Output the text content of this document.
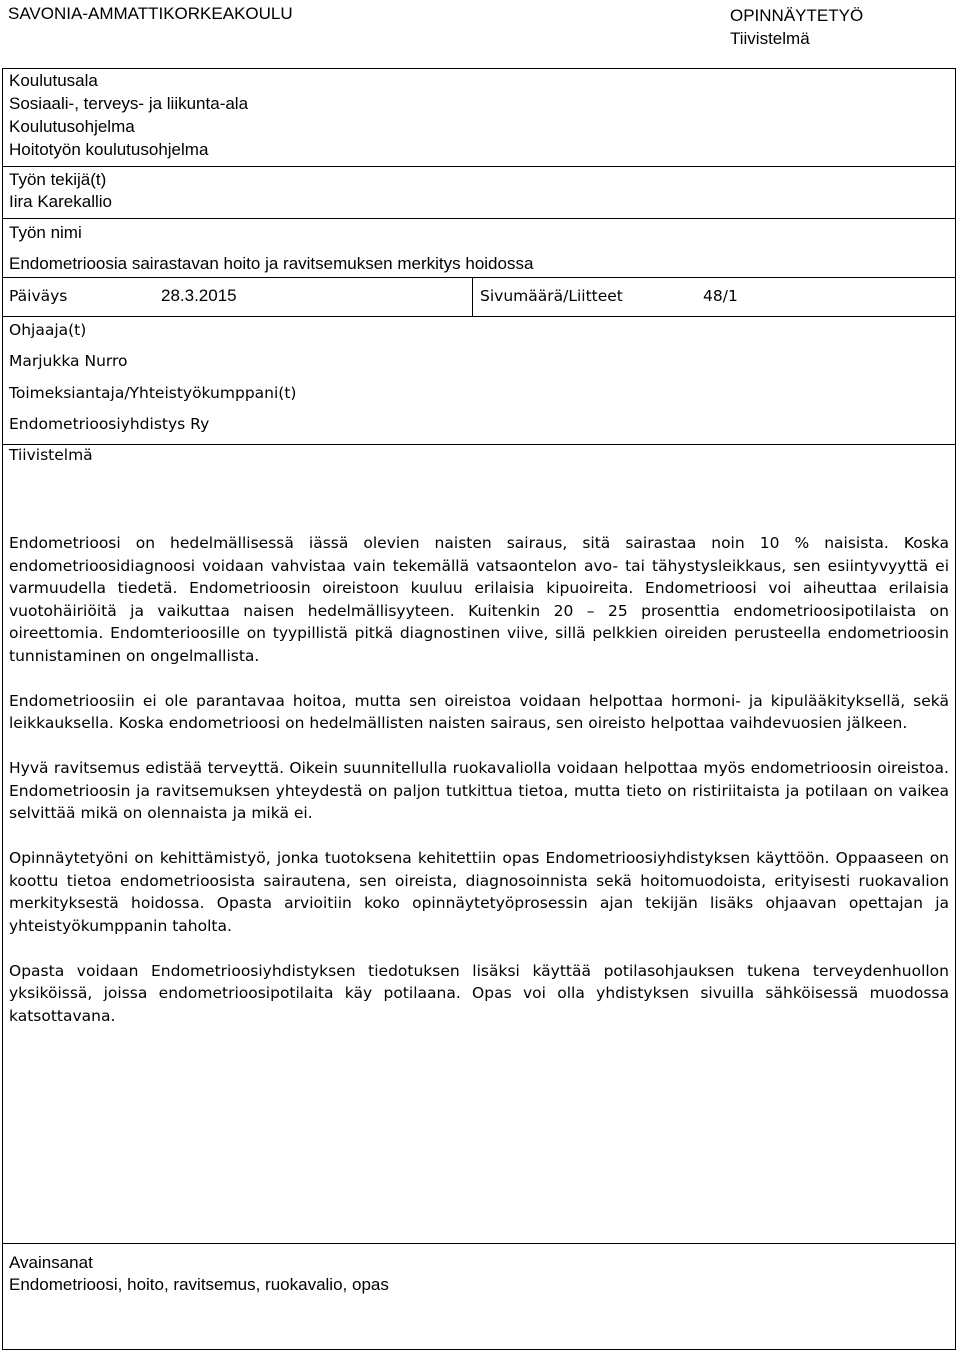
SAVONIA-AMMATTIKORKEAKOULU	OPINNÄYTETYÖ
Tiivistelmä
Koulutusala
Sosiaali-, terveys- ja liikunta-ala
Koulutusohjelma
Hoitotyön koulutusohjelma
Työn tekijä(t)
Iira Karekallio
Työn nimi
Endometrioosia sairastavan hoito ja ravitsemuksen merkitys hoidossa
Päiväys	28.3.2015	Sivumäärä/Liitteet	48/1
Ohjaaja(t)
Marjukka Nurro
Toimeksiantaja/Yhteistyökumppani(t)
Endometrioosiyhdistys Ry
Tiivistelmä

Endometrioosi on hedelmällisessä iässä olevien naisten sairaus, sitä sairastaa noin 10 % naisista. Koska endometrioosidiagnoosi voidaan vahvistaa vain tekemällä vatsaontelon avo- tai tähystysleikkaus, sen esiintyvyyttä ei varmuudella tiedetä. Endometrioosin oireistoon kuuluu erilaisia kipuoireita. Endometrioosi voi aiheuttaa erilaisia vuotohäiriöitä ja vaikuttaa naisen hedelmällisyyteen. Kuitenkin 20 – 25 prosenttia endometrioosipotilaista on oireettomia. Endomterioosille on tyypillistä pitkä diagnostinen viive, sillä pelkkien oireiden perusteella endometrioosin tunnistaminen on ongelmallista.

Endometrioosiin ei ole parantavaa hoitoa, mutta sen oireistoa voidaan helpottaa hormoni- ja kipulääkityksellä, sekä leikkauksella. Koska endometrioosi on hedelmällisten naisten sairaus, sen oireisto helpottaa vaihdevuosien jälkeen.

Hyvä ravitsemus edistää terveyttä. Oikein suunnitellulla ruokavaliolla voidaan helpottaa myös endometrioosin oireistoa. Endometrioosin ja ravitsemuksen yhteydestä on paljon tutkittua tietoa, mutta tieto on ristiriitaista ja potilaan on vaikea selvittää mikä on olennaista ja mikä ei.

Opinnäytetyöni on kehittämistyö, jonka tuotoksena kehitettiin opas Endometrioosiyhdistyksen käyttöön. Oppaaseen on koottu tietoa endometrioosista sairautena, sen oireista, diagnosoinnista sekä hoitomuodoista, erityisesti ruokavalion merkityksestä hoidossa. Opasta arvioitiin koko opinnäytetyöprosessin ajan tekijän lisäks ohjaavan opettajan ja yhteistyökumppanin taholta.

Opasta voidaan Endometrioosiyhdistyksen tiedotuksen lisäksi käyttää potilasohjauksen tukena terveydenhuollon yksiköissä, joissa endometrioosipotilaita käy potilaana. Opas voi olla yhdistyksen sivuilla sähköisessä muodossa katsottavana.

Avainsanat
Endometrioosi, hoito, ravitsemus, ruokavalio, opas
